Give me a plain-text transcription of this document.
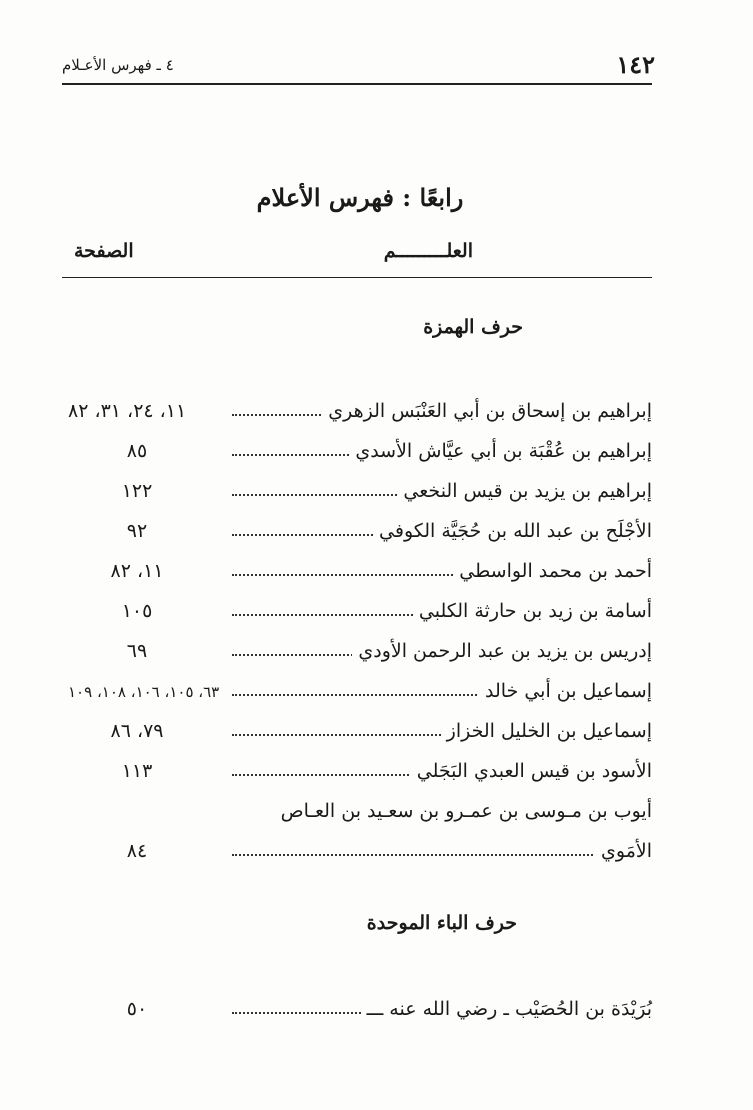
٤ ـ فهرس الأعـلام	١٤٢
رابعًا : فهرس الأعلام
العلـــــــــم
الصفحة
حرف الهمزة
إبراهيم بن إسحاق بن أبي العَنْبَس الزهري
١١، ٢٤، ٣١، ٨٢
إبراهيم بن عُقْبَة بن أبي عيَّاش الأسدي
٨٥
إبراهيم بن يزيد بن قيس النخعي
١٢٢
الأجْلَح بن عبد الله بن حُجَيَّة الكوفي
٩٢
أحمد بن محمد الواسطي
١١، ٨٢
أسامة بن زيد بن حارثة الكلبي
١٠٥
إدريس بن يزيد بن عبد الرحمن الأودي
٦٩
إسماعيل بن أبي خالد
٦٣، ١٠٥، ١٠٦، ١٠٨، ١٠٩
إسماعيل بن الخليل الخزاز
٧٩، ٨٦
الأسود بن قيس العبدي البَجَلي
١١٣
أيوب بن مـوسى بن عمـرو بن سعـيد بن العـاص
الأمَوي
٨٤
حرف الباء الموحدة
بُرَيْدَة بن الحُصَيْب ـ رضي الله عنه ـــ
٥٠
